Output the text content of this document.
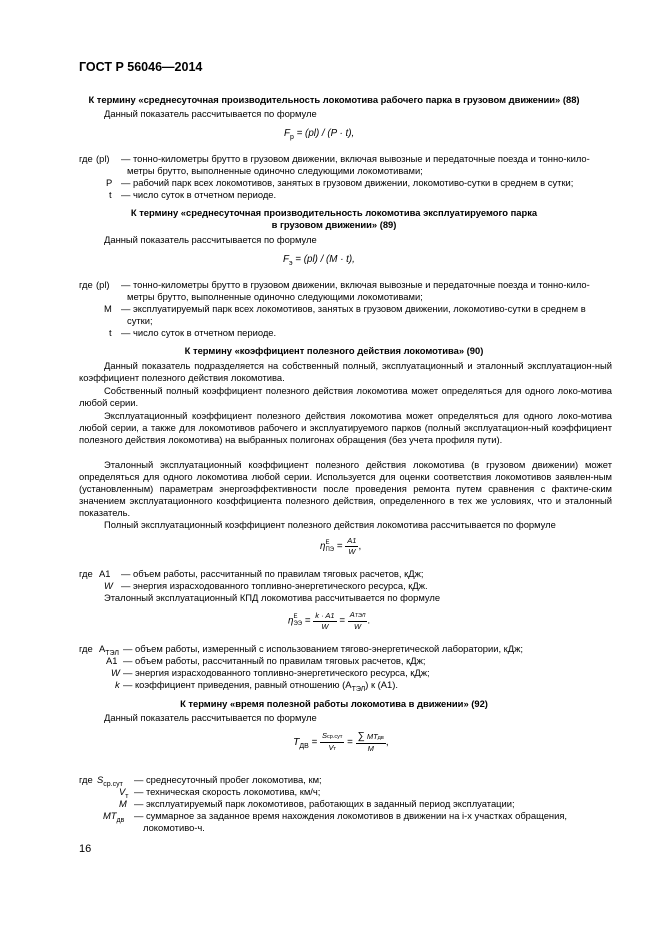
ГОСТ Р 56046—2014
К термину «среднесуточная производительность локомотива рабочего парка в грузовом движении» (88)
Данный показатель рассчитывается по формуле
$F_р = (pl) / (P \cdot t)$,
где (pl)	— тонно-километры брутто в грузовом движении, включая вывозные и передаточные поезда и тонно-кило-
метры брутто, выполненные одиночно следующими локомотивами;
P — рабочий парк всех локомотивов, занятых в грузовом движении, локомотиво-сутки в среднем в сутки;
t — число суток в отчетном периоде.
К термину «среднесуточная производительность локомотива эксплуатируемого парка
в грузовом движении» (89)
Данный показатель рассчитывается по формуле
$F_э = (pl) / (M \cdot t)$,
где (pl) — тонно-километры брутто в грузовом движении, включая вывозные и передаточные поезда и тонно-кило-
метры брутто, выполненные одиночно следующими локомотивами;
M — эксплуатируемый парк всех локомотивов, занятых в грузовом движении, локомотиво-сутки в среднем в
сутки;
t — число суток в отчетном периоде.
К термину «коэффициент полезного действия локомотива» (90)
Данный показатель подразделяется на собственный полный, эксплуатационный и эталонный эксплуатацион-ный коэффициент полезного действия локомотива.
Собственный полный коэффициент полезного действия локомотива может определяться для одного локо-мотива любой серии.
Эксплуатационный коэффициент полезного действия локомотива может определяться для одного локо-мотива любой серии, а также для локомотивов рабочего и эксплуатируемого парков (полный эксплуатацион-ный коэффициент полезного действия локомотива) на выбранных полигонах обращения (без учета профиля пути).
Эталонный эксплуатационный коэффициент полезного действия локомотива (в грузовом движении) может определяться для одного локомотива любой серии. Используется для оценки соответствия локомотивов заявлен-ным (установленным) параметрам энергоэффективности после проведения ремонта путем сравнения с фактиче-ским значением эксплуатационного коэффициента полезного действия, определенного в тех же условиях, что и эталонный показатель.
Полный эксплуатационный коэффициент полезного действия локомотива рассчитывается по формуле
η E
ПЭ = $\frac{A1}{W}$ ,
где A1 — объем работы, рассчитанный по правилам тяговых расчетов, кДж;
W — энергия израсходованного топливно-энергетического ресурса, кДж.
Эталонный эксплуатационный КПД локомотива рассчитывается по формуле
η E
ЭЭ = $\frac{k \cdot A1}{W} = \frac{\text{AТЭЛ}}{W}$ .
где $A_{ТЭЛ}$ — объем работы, измеренный с использованием тягово-энергетической лаборатории, кДж;
A1 — объем работы, рассчитанный по правилам тяговых расчетов, кДж;
W — энергия израсходованного топливно-энергетического ресурса, кДж;
k — коэффициент приведения, равный отношению $(A_{ТЭЛ})$ к (A1).
К термину «время полезной работы локомотива в движении» (92)
Данный показатель рассчитывается по формуле
$T_{ДВ} = \frac{\text{Sср.сут}}{Vт} = \frac{\text{∑ MTдв}}{M}$ ,
где $S_{ср.сут}$ — среднесуточный пробег локомотива, км;
$V_т$ — техническая скорость локомотива, км/ч;
M — эксплуатируемый парк локомотивов, работающих в заданный период эксплуатации;
$MT_{дв}$ — суммарное за заданное время нахождения локомотивов в движении на i-х участках обращения,
локомотиво-ч.
16
